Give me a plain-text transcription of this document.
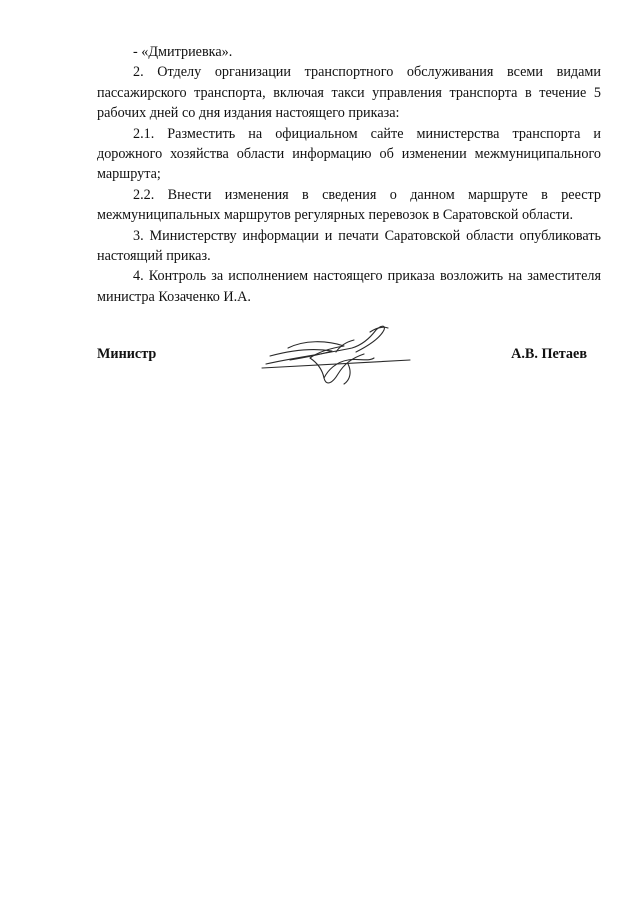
- «Дмитриевка».

2. Отделу организации транспортного обслуживания всеми видами пассажирского транспорта, включая такси управления транспорта в течение 5 рабочих дней со дня издания настоящего приказа:

2.1. Разместить на официальном сайте министерства транспорта и дорожного хозяйства области информацию об изменении межмуниципального маршрута;

2.2. Внести изменения в сведения о данном маршруте в реестр межмуниципальных маршрутов регулярных перевозок в Саратовской области.

3. Министерству информации и печати Саратовской области опубликовать настоящий приказ.

4. Контроль за исполнением настоящего приказа возложить на заместителя министра Козаченко И.А.

Министр	А.В. Петаев
